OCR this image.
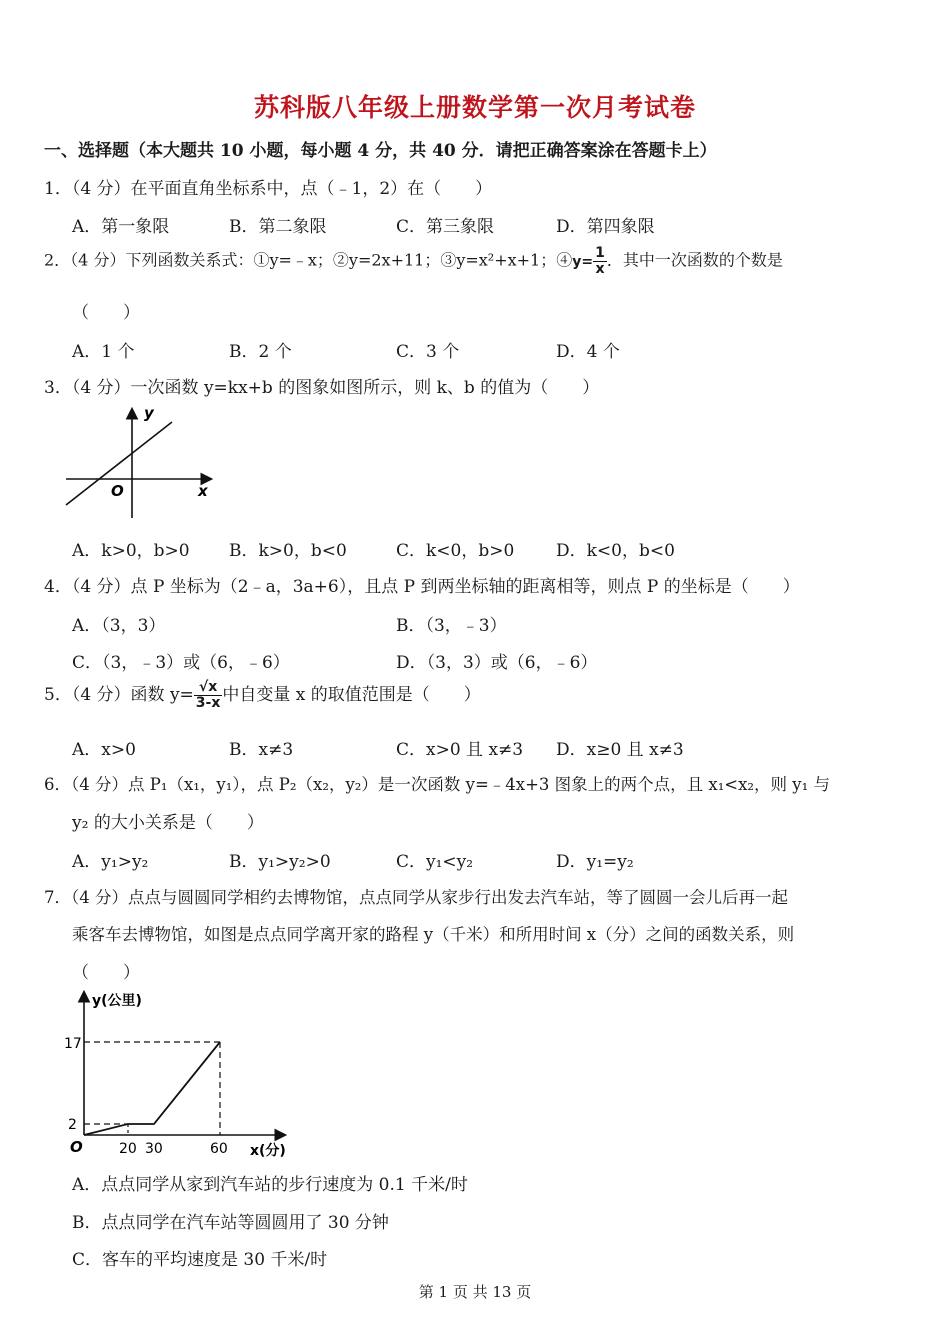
苏科版八年级上册数学第一次月考试卷
一、选择题（本大题共 10 小题，每小题 4 分，共 40 分．请把正确答案涂在答题卡上）
1．（4 分）在平面直角坐标系中，点（﹣1，2）在（　　）
A．第一象限	B．第二象限	C．第三象限	D．第四象限
2．（4 分）下列函数关系式：①y=﹣x；②y=2x+11；③y=x²+x+1；④y= $\frac{1}{x}$ ．其中一次函数的个数是
（　　）
A．1 个	B．2 个	C．3 个	D．4 个
3．（4 分）一次函数 y=kx+b 的图象如图所示，则 k、b 的值为（　　）
y
x
O
A．k>0，b>0 B．k>0，b<0	C．k<0，b>0 D．k<0，b<0
4．（4 分）点 P 坐标为（2﹣a，3a+6），且点 P 到两坐标轴的距离相等，则点 P 的坐标是（　　）
A．（3，3）	B．（3，﹣3）
C．（3，﹣3）或（6，﹣6）	D．（3，3）或（6，﹣6）
5．（4 分）函数 $y= \frac{√x}{3-x}$ 中自变量 x 的取值范围是（　　）
A．x>0	B．x≠3	C．x>0 且 x≠3 D．x≥0 且 x≠3
6．（4 分）点 P₁（x₁，y₁），点 P₂（x₂，y₂）是一次函数 y=﹣4x+3 图象上的两个点，且 x₁<x₂，则 y₁ 与
y₂ 的大小关系是（　　）
A．y₁>y₂	B．y₁>y₂>0	C．y₁<y₂	D．y₁=y₂
7．（4 分）点点与圆圆同学相约去博物馆，点点同学从家步行出发去汽车站，等了圆圆一会儿后再一起
乘客车去博物馆，如图是点点同学离开家的路程 y（千米）和所用时间 x（分）之间的函数关系，则
（　　）
y(公里)
x(分)
O
17
2
20 30	60
A．点点同学从家到汽车站的步行速度为 0.1 千米/时
B．点点同学在汽车站等圆圆用了 30 分钟
C．客车的平均速度是 30 千米/时
第 1 页 共 13 页
